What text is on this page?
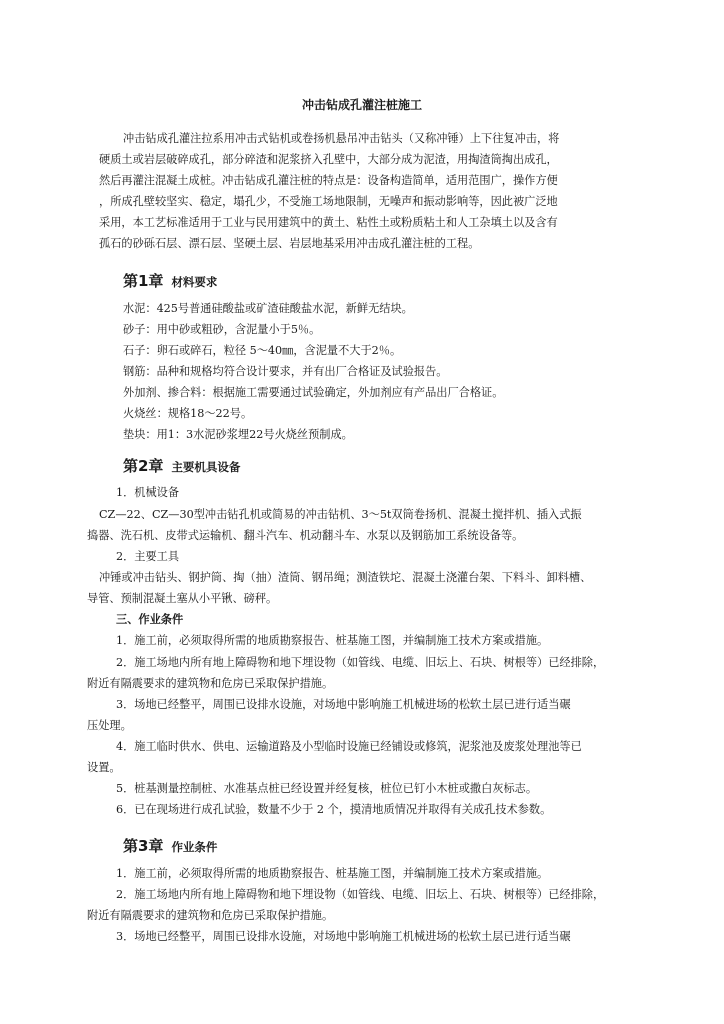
冲击钻成孔灌注桩施工

冲击钻成孔灌注拉系用冲击式钻机或卷扬机悬吊冲击钻头（又称冲锤）上下往复冲击，将

硬质土或岩层破碎成孔，部分碎渣和泥浆挤入孔壁中，大部分成为泥渣，用掏渣筒掏出成孔，

然后再灌注混凝土成桩。冲击钻成孔灌注桩的特点是：设备构造简单，适用范围广，操作方便

，所成孔壁较坚实、稳定，塌孔少，不受施工场地限制，无噪声和振动影响等，因此被广泛地

采用，本工艺标准适用于工业与民用建筑中的黄土、粘性土或粉质粘土和人工杂填土以及含有

孤石的砂砾石层、漂石层、坚硬土层、岩层地基采用冲击成孔灌注桩的工程。

第1章 材料要求

水泥：425号普通硅酸盐或矿渣硅酸盐水泥，新鲜无结块。

砂子：用中砂或粗砂，含泥量小于5％。

石子：卵石或碎石，粒径 5～40㎜，含泥量不大于2％。

钢筋：品种和规格均符合设计要求，并有出厂合格证及试验报告。

外加剂、掺合料：根据施工需要通过试验确定，外加剂应有产品出厂合格证。

火烧丝：规格18～22号。

垫块：用1：3水泥砂浆埋22号火烧丝预制成。

第2章 主要机具设备

1．机械设备

CZ—22、CZ—30型冲击钻孔机或简易的冲击钻机、3～5t双筒卷扬机、混凝土搅拌机、插入式振

捣器、洗石机、皮带式运输机、翻斗汽车、机动翻斗车、水泵以及钢筋加工系统设备等。

2．主要工具

冲锤或冲击钻头、钢护筒、掏（抽）渣筒、钢吊绳；测渣铁坨、混凝土浇灌台架、下料斗、卸料槽、

导管、预制混凝土塞从小平锹、磅秤。

三、作业条件

1．施工前，必须取得所需的地质勘察报告、桩基施工图，并编制施工技术方案或措施。

2．施工场地内所有地上障碍物和地下埋设物（如管线、电缆、旧坛上、石块、树根等）已经排除，

附近有隔震要求的建筑物和危房已采取保护措施。

3．场地已经整平，周围已设排水设施，对场地中影响施工机械进场的松软土层已进行适当碾

压处理。

4．施工临时供水、供电、运输道路及小型临时设施已经铺设或修筑，泥浆池及废浆处理池等已

设置。

5．桩基测量控制桩、水准基点桩已经设置并经复核，桩位已钉小木桩或撒白灰标志。

6．已在现场进行成孔试验，数量不少于 2 个，摸清地质情况并取得有关成孔技术参数。

第3章 作业条件

1．施工前，必须取得所需的地质勘察报告、桩基施工图，并编制施工技术方案或措施。

2．施工场地内所有地上障碍物和地下埋设物（如管线、电缆、旧坛上、石块、树根等）已经排除，

附近有隔震要求的建筑物和危房已采取保护措施。

3．场地已经整平，周围已设排水设施，对场地中影响施工机械进场的松软土层已进行适当碾
